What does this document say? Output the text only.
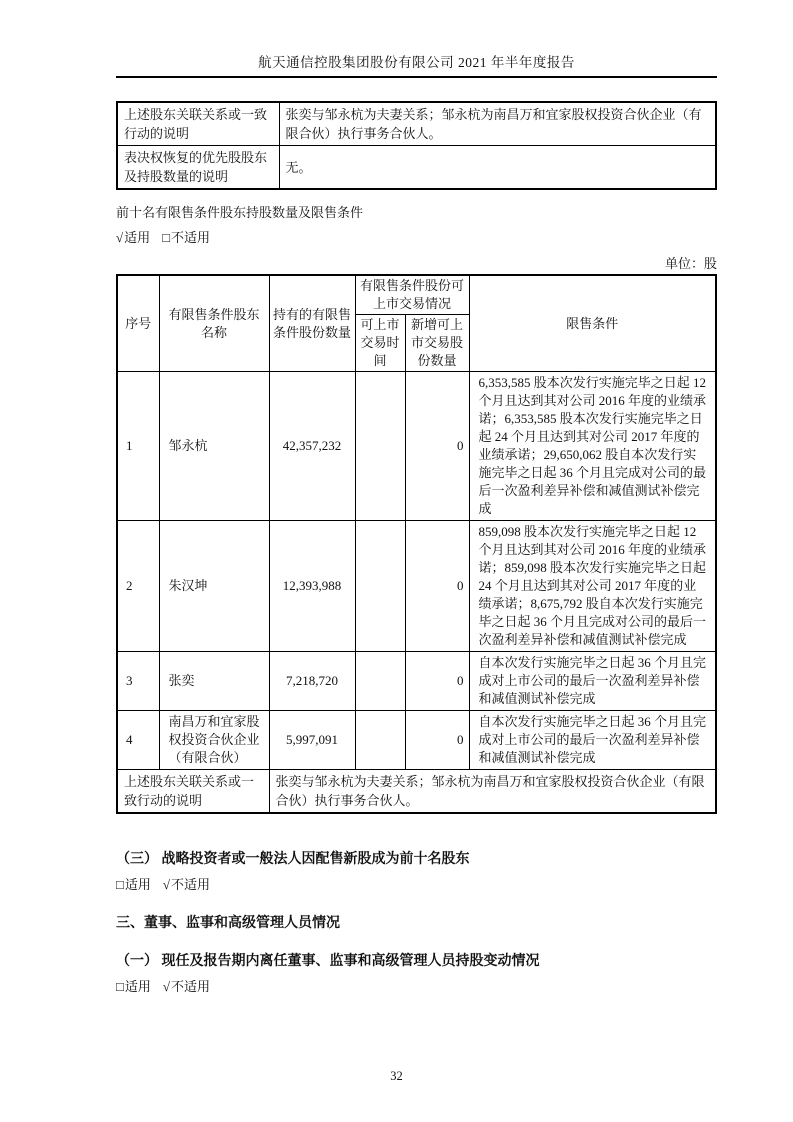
航天通信控股集团股份有限公司 2021 年半年度报告
上述股东关联关系或一致行动的说明	张奕与邹永杭为夫妻关系；邹永杭为南昌万和宜家股权投资合伙企业（有限合伙）执行事务合伙人。
表决权恢复的优先股股东及持股数量的说明	无。

前十名有限售条件股东持股数量及限售条件

√适用 □不适用

单位：股

序号	有限售条件股东名称	持有的有限售条件股份数量	有限售条件股份可上市交易情况		限售条件
			可上市交易时间	新增可上市交易股份数量	
1	邹永杭	42,357,232		0	6,353,585 股本次发行实施完毕之日起 12 个月且达到其对公司 2016 年度的业绩承诺；6,353,585 股本次发行实施完毕之日起 24 个月且达到其对公司 2017 年度的业绩承诺；29,650,062 股自本次发行实施完毕之日起 36 个月且完成对公司的最后一次盈利差异补偿和减值测试补偿完成
2	朱汉坤	12,393,988		0	859,098 股本次发行实施完毕之日起 12 个月且达到其对公司 2016 年度的业绩承诺；859,098 股本次发行实施完毕之日起 24 个月且达到其对公司 2017 年度的业绩承诺；8,675,792 股自本次发行实施完毕之日起 36 个月且完成对公司的最后一次盈利差异补偿和减值测试补偿完成
3	张奕	7,218,720		0	自本次发行实施完毕之日起 36 个月且完成对上市公司的最后一次盈利差异补偿和减值测试补偿完成
4	南昌万和宜家股权投资合伙企业（有限合伙）	5,997,091		0	自本次发行实施完毕之日起 36 个月且完成对上市公司的最后一次盈利差异补偿和减值测试补偿完成
上述股东关联关系或一致行动的说明		张奕与邹永杭为夫妻关系；邹永杭为南昌万和宜家股权投资合伙企业（有限合伙）执行事务合伙人。			

（三） 战略投资者或一般法人因配售新股成为前十名股东

□适用 √不适用

三、董事、监事和高级管理人员情况

（一） 现任及报告期内离任董事、监事和高级管理人员持股变动情况

□适用 √不适用

32
